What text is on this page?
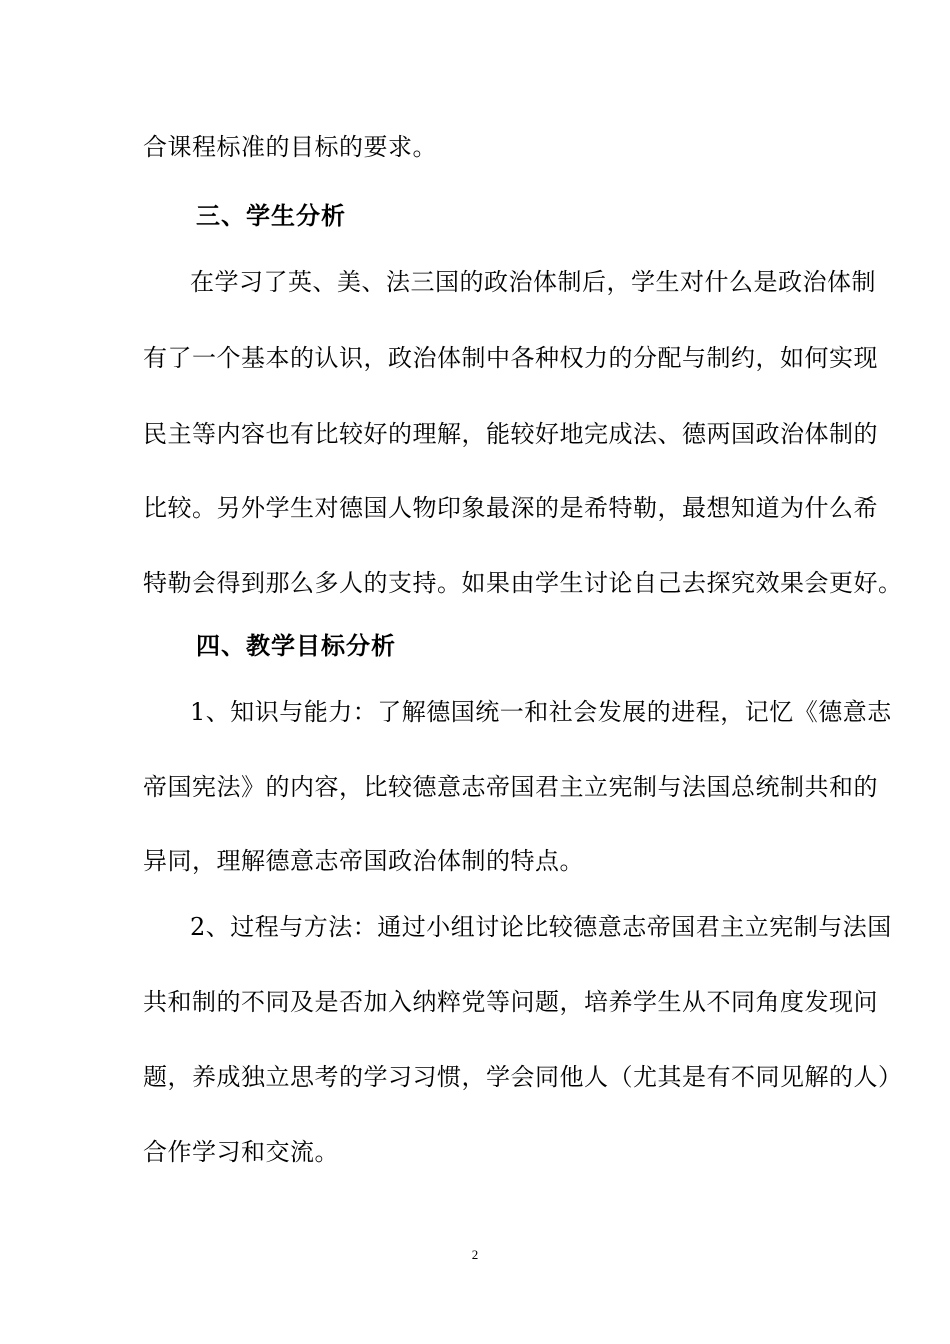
合课程标准的目标的要求。
三、学生分析
在学习了英、美、法三国的政治体制后，学生对什么是政治体制
有了一个基本的认识，政治体制中各种权力的分配与制约，如何实现
民主等内容也有比较好的理解，能较好地完成法、德两国政治体制的
比较。另外学生对德国人物印象最深的是希特勒，最想知道为什么希
特勒会得到那么多人的支持。如果由学生讨论自己去探究效果会更好。
四、教学目标分析
1、知识与能力：了解德国统一和社会发展的进程，记忆《德意志
帝国宪法》的内容，比较德意志帝国君主立宪制与法国总统制共和的
异同，理解德意志帝国政治体制的特点。
2、过程与方法：通过小组讨论比较德意志帝国君主立宪制与法国
共和制的不同及是否加入纳粹党等问题，培养学生从不同角度发现问
题，养成独立思考的学习习惯，学会同他人（尤其是有不同见解的人）
合作学习和交流。
2
